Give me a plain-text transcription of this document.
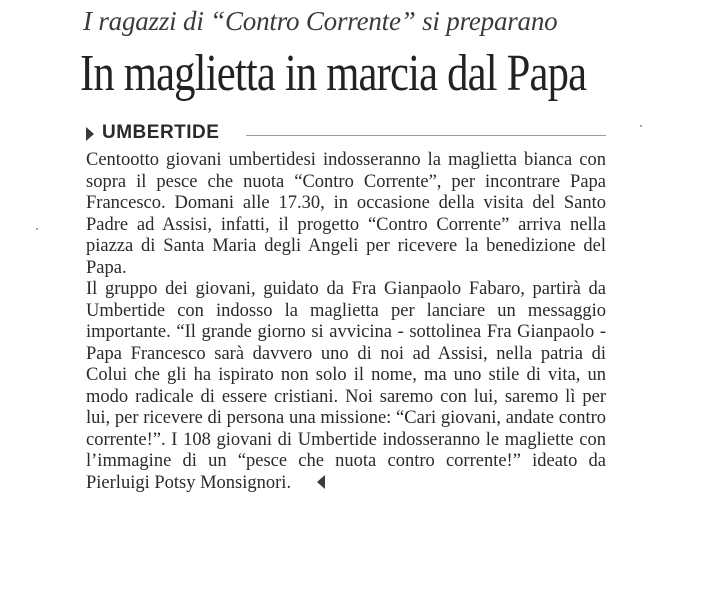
I ragazzi di “Contro Corrente” si preparano
In maglietta in marcia dal Papa
UMBERTIDE

Centootto giovani umbertidesi indosseranno la maglietta bianca con sopra il pesce che nuota “Contro Corrente”, per incontrare Papa Francesco. Domani alle 17.30, in occasione della visita del Santo Padre ad Assisi, infatti, il progetto “Contro Corrente” arriva nella piazza di Santa Maria degli Angeli per ricevere la benedizione del Papa.

Il gruppo dei giovani, guidato da Fra Gianpaolo Fabaro, partirà da Umbertide con indosso la maglietta per lanciare un messaggio importante. “Il grande giorno si avvicina - sottolinea Fra Gianpaolo - Papa Francesco sarà davvero uno di noi ad Assisi, nella patria di Colui che gli ha ispirato non solo il nome, ma uno stile di vita, un modo radicale di essere cristiani. Noi saremo con lui, saremo lì per lui, per ricevere di persona una missione: “Cari giovani, andate contro corrente!”. I 108 giovani di Umbertide indosseranno le magliette con l’immagine di un “pesce che nuota contro corrente!” ideato da Pierluigi Potsy Monsignori.
